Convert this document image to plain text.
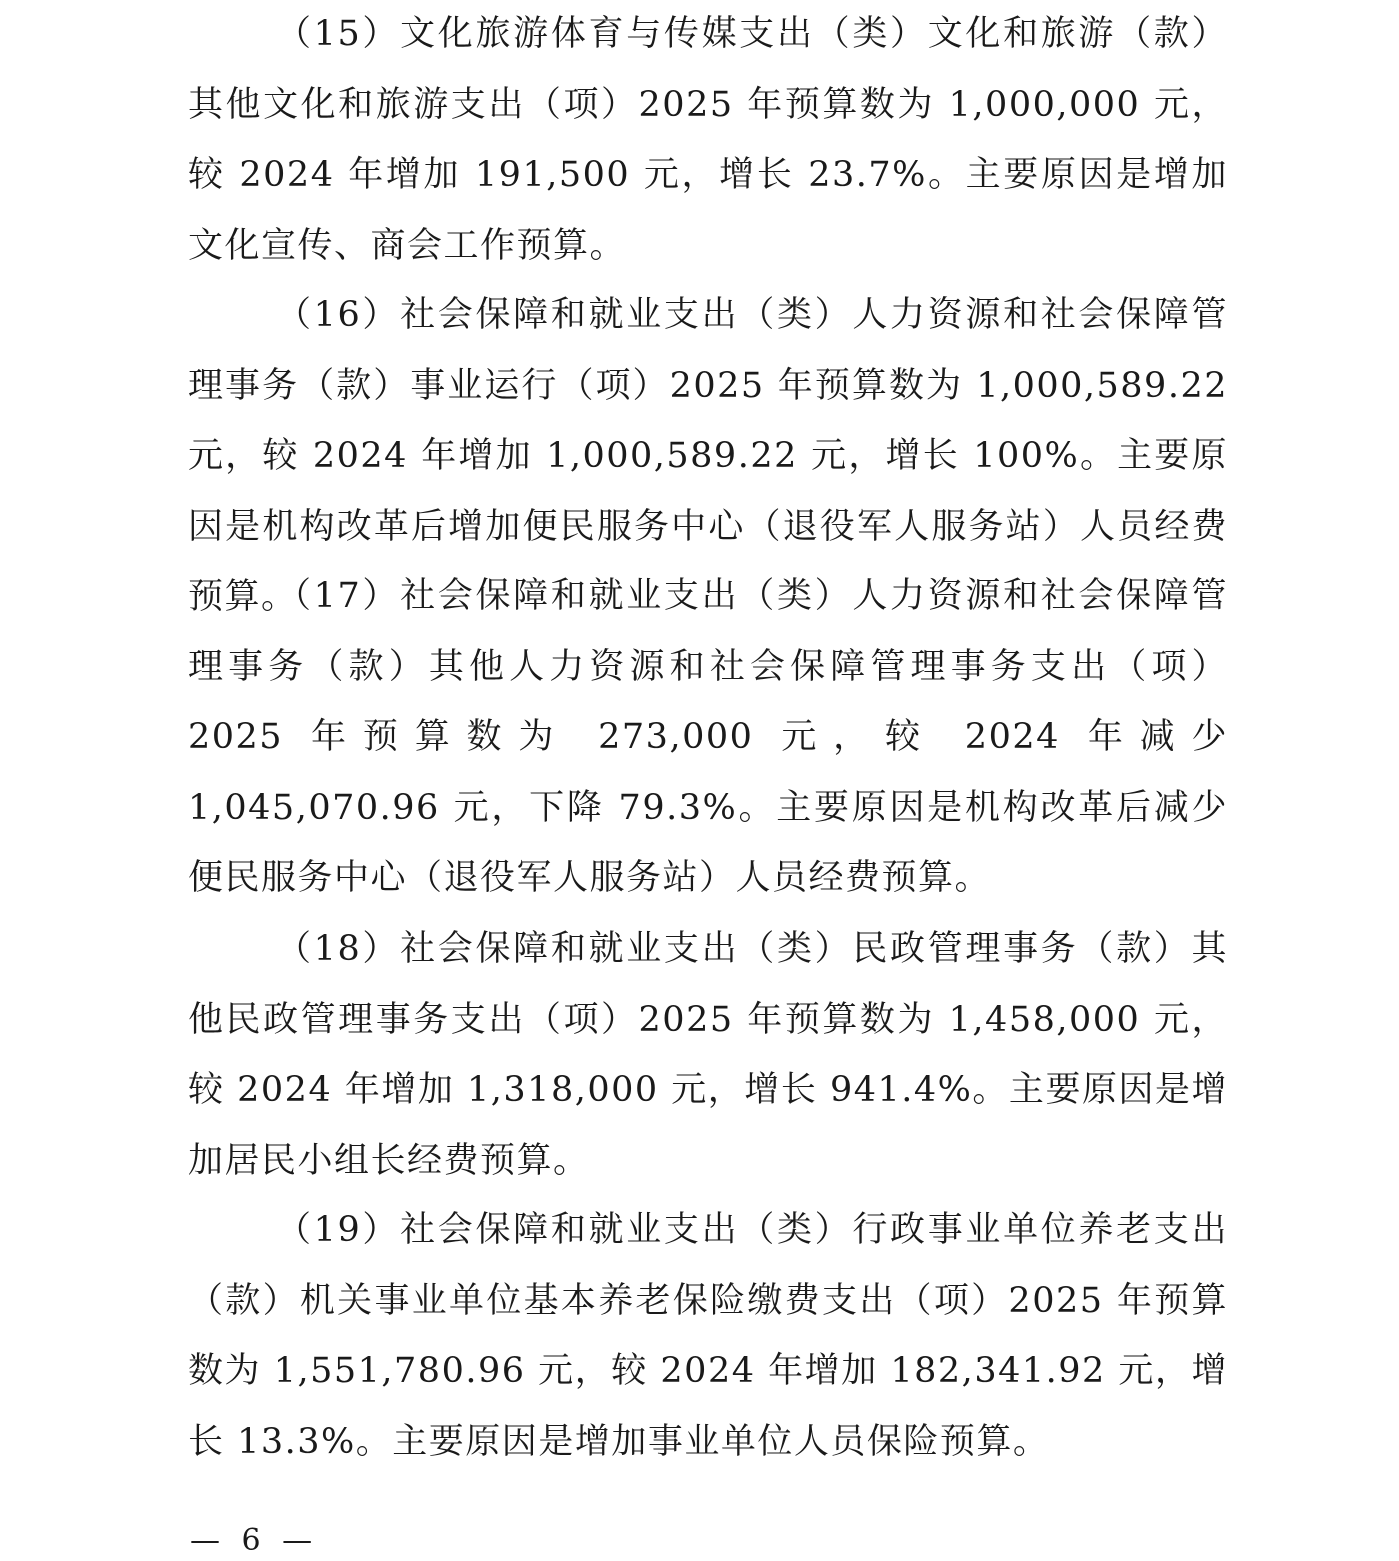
（15）文化旅游体育与传媒支出（类）文化和旅游（款）其他文化和旅游支出（项）2025 年预算数为 1,000,000 元，较 2024 年增加 191,500 元，增长 23.7%。主要原因是增加文化宣传、商会工作预算。

（16）社会保障和就业支出（类）人力资源和社会保障管理事务（款）事业运行（项）2025 年预算数为 1,000,589.22 元，较 2024 年增加 1,000,589.22 元，增长 100%。主要原因是机构改革后增加便民服务中心（退役军人服务站）人员经费预算。

（17）社会保障和就业支出（类）人力资源和社会保障管理事务（款）其他人力资源和社会保障管理事务支出（项）2025 年预算数为 273,000 元，较 2024 年减少 1,045,070.96 元，下降 79.3%。主要原因是机构改革后减少便民服务中心（退役军人服务站）人员经费预算。

（18）社会保障和就业支出（类）民政管理事务（款）其他民政管理事务支出（项）2025 年预算数为 1,458,000 元，较 2024 年增加 1,318,000 元，增长 941.4%。主要原因是增加居民小组长经费预算。

（19）社会保障和就业支出（类）行政事业单位养老支出（款）机关事业单位基本养老保险缴费支出（项）2025 年预算数为 1,551,780.96 元，较 2024 年增加 182,341.92 元，增长 13.3%。主要原因是增加事业单位人员保险预算。

— 6 —
